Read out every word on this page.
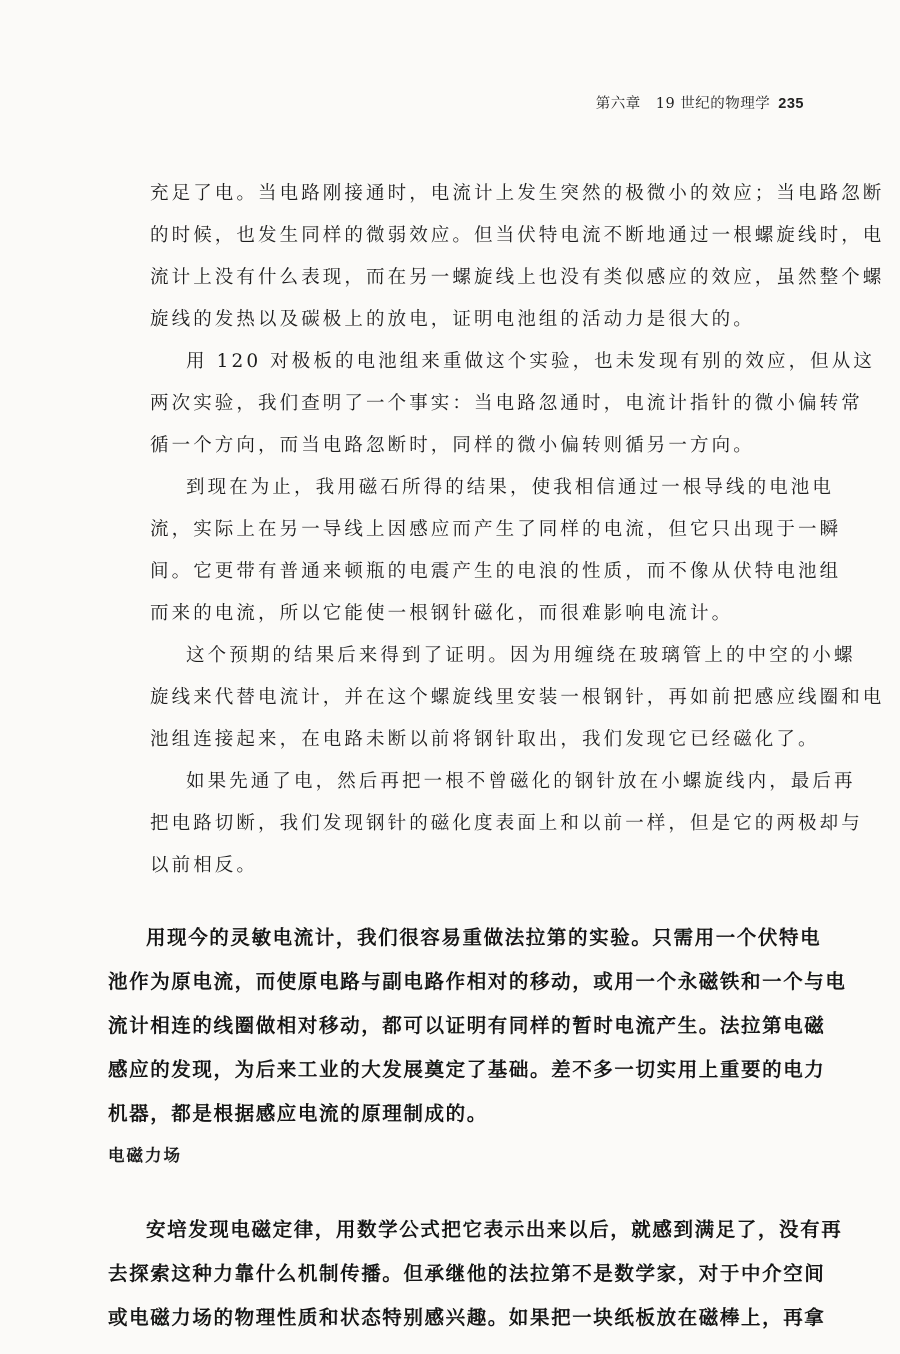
第六章　19 世纪的物理学 235
充足了电。当电路刚接通时，电流计上发生突然的极微小的效应；当电路忽断
的时候，也发生同样的微弱效应。但当伏特电流不断地通过一根螺旋线时，电
流计上没有什么表现，而在另一螺旋线上也没有类似感应的效应，虽然整个螺
旋线的发热以及碳极上的放电，证明电池组的活动力是很大的。
用 120 对极板的电池组来重做这个实验，也未发现有别的效应，但从这
两次实验，我们查明了一个事实：当电路忽通时，电流计指针的微小偏转常
循一个方向，而当电路忽断时，同样的微小偏转则循另一方向。
到现在为止，我用磁石所得的结果，使我相信通过一根导线的电池电
流，实际上在另一导线上因感应而产生了同样的电流，但它只出现于一瞬
间。它更带有普通来顿瓶的电震产生的电浪的性质，而不像从伏特电池组
而来的电流，所以它能使一根钢针磁化，而很难影响电流计。
这个预期的结果后来得到了证明。因为用缠绕在玻璃管上的中空的小螺
旋线来代替电流计，并在这个螺旋线里安装一根钢针，再如前把感应线圈和电
池组连接起来，在电路未断以前将钢针取出，我们发现它已经磁化了。
如果先通了电，然后再把一根不曾磁化的钢针放在小螺旋线内，最后再
把电路切断，我们发现钢针的磁化度表面上和以前一样，但是它的两极却与
以前相反。
用现今的灵敏电流计，我们很容易重做法拉第的实验。只需用一个伏特电
池作为原电流，而使原电路与副电路作相对的移动，或用一个永磁铁和一个与电
流计相连的线圈做相对移动，都可以证明有同样的暂时电流产生。法拉第电磁
感应的发现，为后来工业的大发展奠定了基础。差不多一切实用上重要的电力
机器，都是根据感应电流的原理制成的。
电磁力场
安培发现电磁定律，用数学公式把它表示出来以后，就感到满足了，没有再
去探索这种力靠什么机制传播。但承继他的法拉第不是数学家，对于中介空间
或电磁力场的物理性质和状态特别感兴趣。如果把一块纸板放在磁棒上，再拿
